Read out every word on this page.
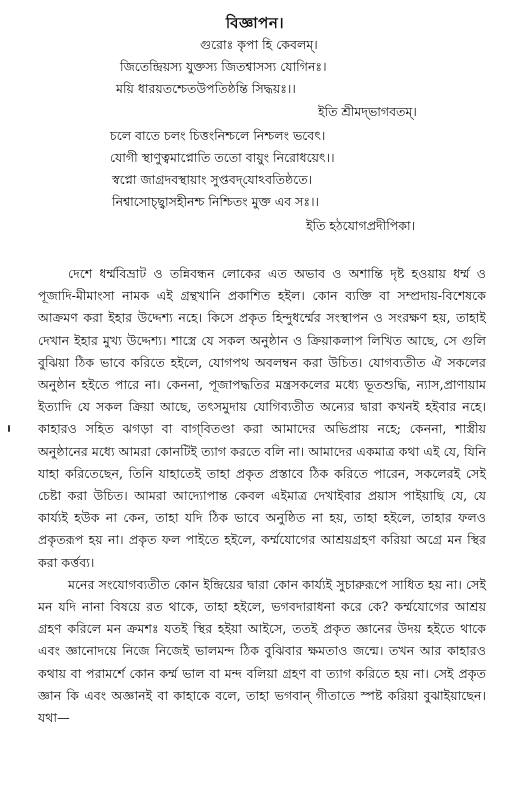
বিজ্ঞাপন।
গুরোঃ কৃপা হি কেবলম্।
জিতেন্দ্রিয়স্য যুক্তস্য জিতশ্বাসস্য যোগিনঃ।
ময়ি ধারয়তশ্চেতউপতিষ্ঠন্তি সিদ্ধয়ঃ।।
ইতি শ্রীমদ্‌ভাগবতম্।
চলে বাতে চলং চিত্তংনিশ্চলে নিশ্চলং ভবেৎ।
যোগী স্থাণুত্বমাপ্নোতি ততো বায়ুং নিরোধয়েৎ।।
স্বপ্নো জাগ্রদবস্থায়াং সুপ্তবদ্‌যোঽবতিষ্ঠতে।
নিশ্বাসোচ্ছ্বাসহীনশ্চ নিশ্চিতং মুক্ত এব সঃ।।
ইতি হঠযোগপ্রদীপিকা।

দেশে ধর্ম্মবিভ্রাট ও তন্নিবন্ধন লোকের এত অভাব ও অশান্তি দৃষ্ট হওয়ায় ধর্ম্ম ও পূজাদি-মীমাংসা নামক এই গ্রন্থখানি প্রকাশিত হইল। কোন ব্যক্তি বা সম্প্রদায়-বিশেষকে আক্রমণ করা ইহার উদ্দেশ্য নহে। কিসে প্রকৃত হিন্দুধর্ম্মের সংস্থাপন ও সংরক্ষণ হয়, তাহাই দেখান ইহার মুখ্য উদ্দেশ্য। শাস্ত্রে যে সকল অনুষ্ঠান ও ক্রিয়াকলাপ লিখিত আছে, সে গুলি বুঝিয়া ঠিক ভাবে করিতে হইলে, যোগপথ অবলম্বন করা উচিত। যোগব্যতীত ঐ সকলের অনুষ্ঠান হইতে পারে না। কেননা, পূজাপদ্ধতির মন্ত্রসকলের মধ্যে ভূতশুদ্ধি, ন্যাস,প্রাণায়াম ইত্যাদি যে সকল ক্রিয়া আছে, তৎসমুদায় যোগিব্যতীত অন্যের দ্বারা কখনই হইবার নহে। কাহারও সহিত ঝগড়া বা বাগ্‌বিতণ্ডা করা আমাদের অভিপ্রায় নহে; কেননা, শাস্ত্রীয় অনুষ্ঠানের মধ্যে আমরা কোনটিই ত্যাগ করতে বলি না। আমাদের একমাত্র কথা এই যে, যিনি যাহা করিতেছেন, তিনি যাহাতেই তাহা প্রকৃত প্রস্তাবে ঠিক করিতে পারেন, সকলেরই সেই চেষ্টা করা উচিত। আমরা আদ্যোপান্ত কেবল এইমাত্র দেখাইবার প্রয়াস পাইয়াছি যে, যে কার্য্যই হউক না কেন, তাহা যদি ঠিক ভাবে অনুষ্ঠিত না হয়, তাহা হইলে, তাহার ফলও প্রকৃতরূপ হয় না। প্রকৃত ফল পাইতে হইলে, কর্ম্মযোগের আশ্রয়গ্রহণ করিয়া অগ্রে মন স্থির করা কর্ত্তব্য।

মনের সংযোগব্যতীত কোন ইন্দ্রিয়ের দ্বারা কোন কার্য্যই সুচারুরূপে সাধিত হয় না। সেই মন যদি নানা বিষয়ে রত থাকে, তাহা হইলে, ভগবদারাধনা করে কে? কর্ম্মযোগের আশ্রয় গ্রহণ করিলে মন ক্রমশঃ যতই স্থির হইয়া আইসে, ততই প্রকৃত জ্ঞানের উদয় হইতে থাকে এবং জ্ঞানোদয়ে নিজে নিজেই ভালমন্দ ঠিক বুঝিবার ক্ষমতাও জন্মে। তখন আর কাহারও কথায় বা পরামর্শে কোন কর্ম্ম ভাল বা মন্দ বলিয়া গ্রহণ বা ত্যাগ করিতে হয় না। সেই প্রকৃত জ্ঞান কি এবং অজ্ঞানই বা কাহাকে বলে, তাহা ভগবান্ গীতাতে স্পষ্ট করিয়া বুঝাইয়াছেন। যথা—
